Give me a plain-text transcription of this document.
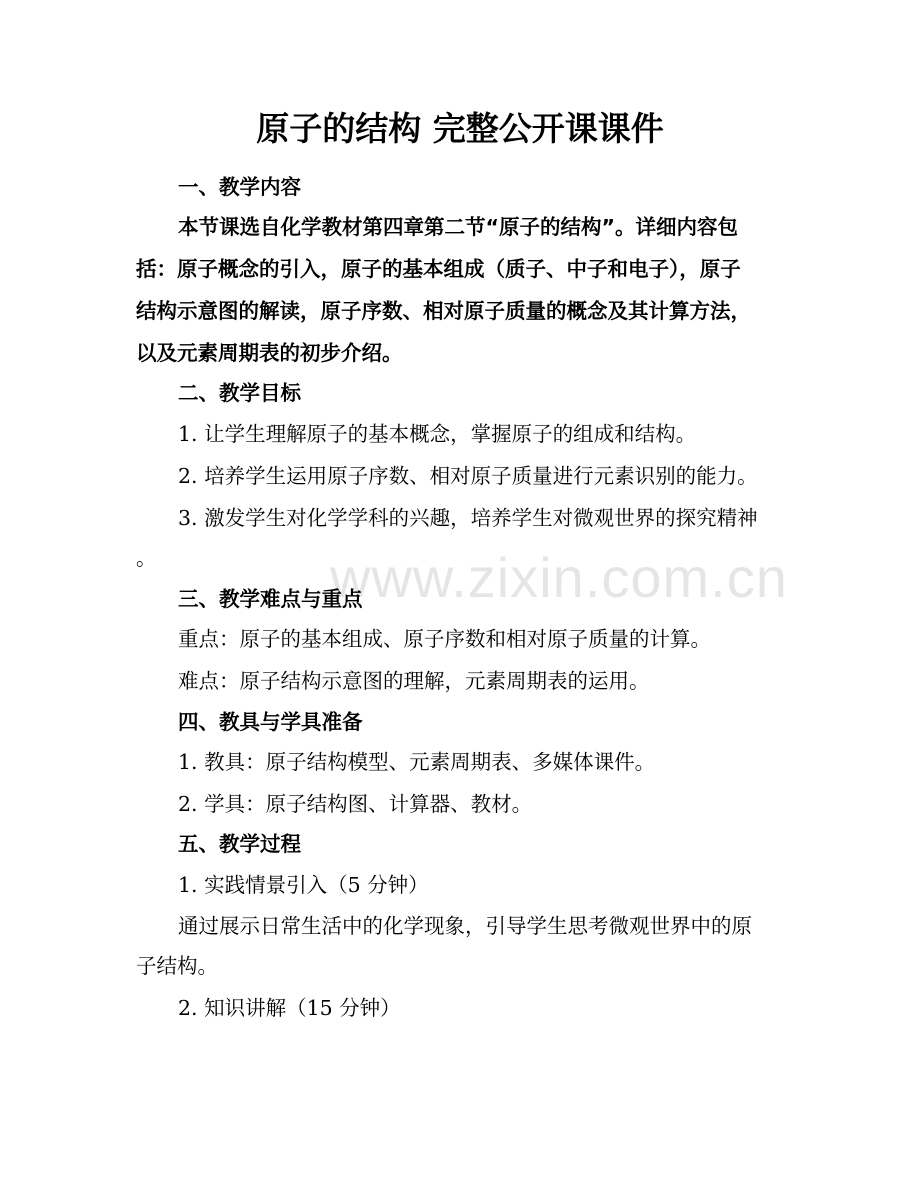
原子的结构 完整公开课课件

一、教学内容

本节课选自化学教材第四章第二节“原子的结构”。详细内容包

括：原子概念的引入，原子的基本组成（质子、中子和电子），原子

结构示意图的解读，原子序数、相对原子质量的概念及其计算方法，

以及元素周期表的初步介绍。

二、教学目标

1. 让学生理解原子的基本概念，掌握原子的组成和结构。

2. 培养学生运用原子序数、相对原子质量进行元素识别的能力。

3. 激发学生对化学学科的兴趣，培养学生对微观世界的探究精神

。	www.zixin.com.cn

三、教学难点与重点

重点：原子的基本组成、原子序数和相对原子质量的计算。

难点：原子结构示意图的理解，元素周期表的运用。

四、教具与学具准备

1. 教具：原子结构模型、元素周期表、多媒体课件。

2. 学具：原子结构图、计算器、教材。

五、教学过程

1. 实践情景引入（5 分钟）

通过展示日常生活中的化学现象，引导学生思考微观世界中的原

子结构。

2. 知识讲解（15 分钟）
